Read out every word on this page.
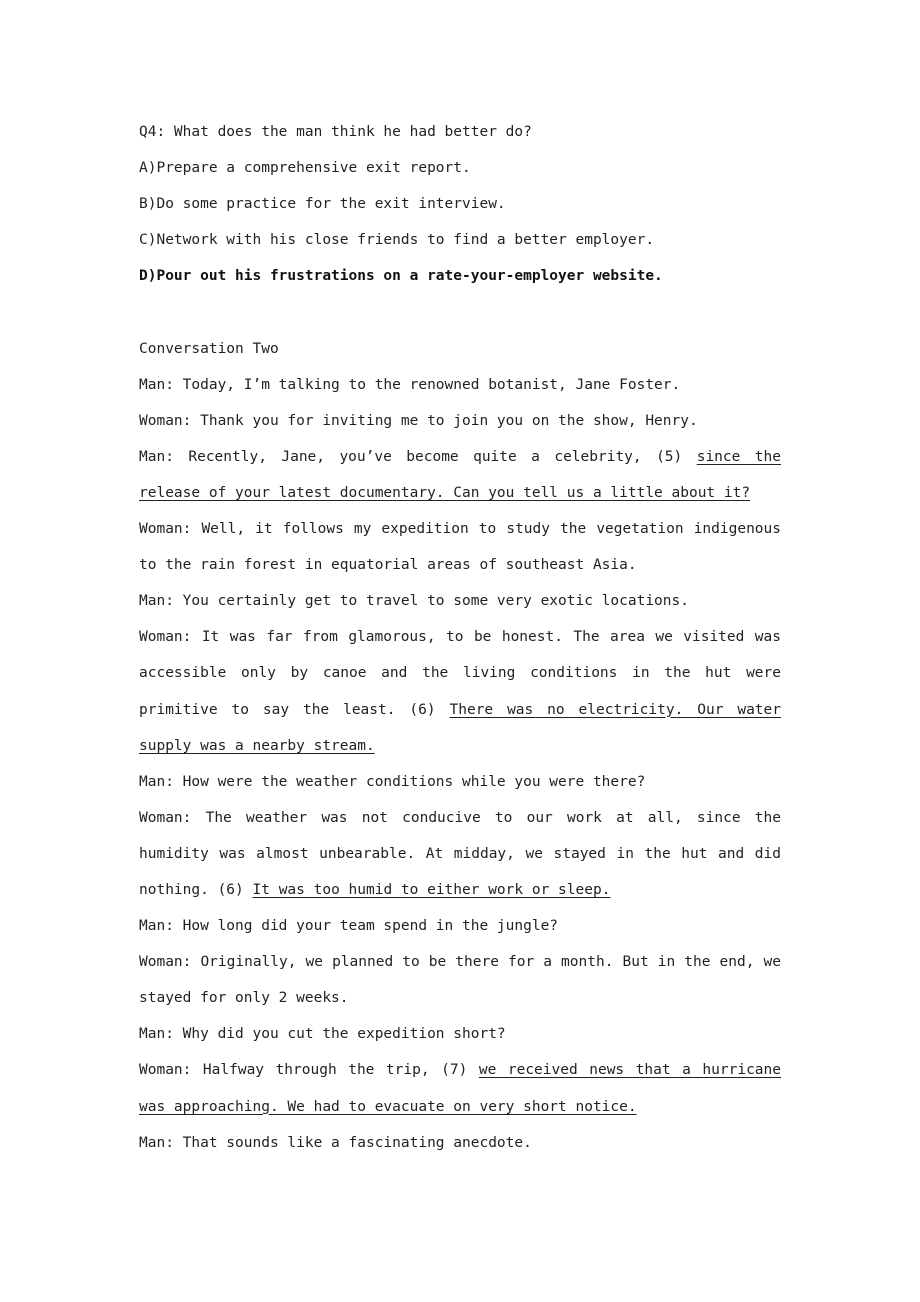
Q4: What does the man think he had better do?
A)Prepare a comprehensive exit report.
B)Do some practice for the exit interview.
C)Network with his close friends to find a better employer.
D)Pour out his frustrations on a rate-your-employer website.
Conversation Two
Man: Today, I’m talking to the renowned botanist, Jane Foster.
Woman: Thank you for inviting me to join you on the show, Henry.
Man: Recently, Jane, you’ve become quite a celebrity, (5) since the
release of your latest documentary. Can you tell us a little about it?
Woman: Well, it follows my expedition to study the vegetation indigenous
to the rain forest in equatorial areas of southeast Asia.
Man: You certainly get to travel to some very exotic locations.
Woman: It was far from glamorous, to be honest. The area we visited was
accessible only by canoe and the living conditions in the hut were
primitive to say the least. (6) There was no electricity. Our water
supply was a nearby stream.
Man: How were the weather conditions while you were there?
Woman: The weather was not conducive to our work at all, since the
humidity was almost unbearable. At midday, we stayed in the hut and did
nothing. (6) It was too humid to either work or sleep.
Man: How long did your team spend in the jungle?
Woman: Originally, we planned to be there for a month. But in the end, we
stayed for only 2 weeks.
Man: Why did you cut the expedition short?
Woman: Halfway through the trip, (7) we received news that a hurricane
was approaching. We had to evacuate on very short notice.
Man: That sounds like a fascinating anecdote.
